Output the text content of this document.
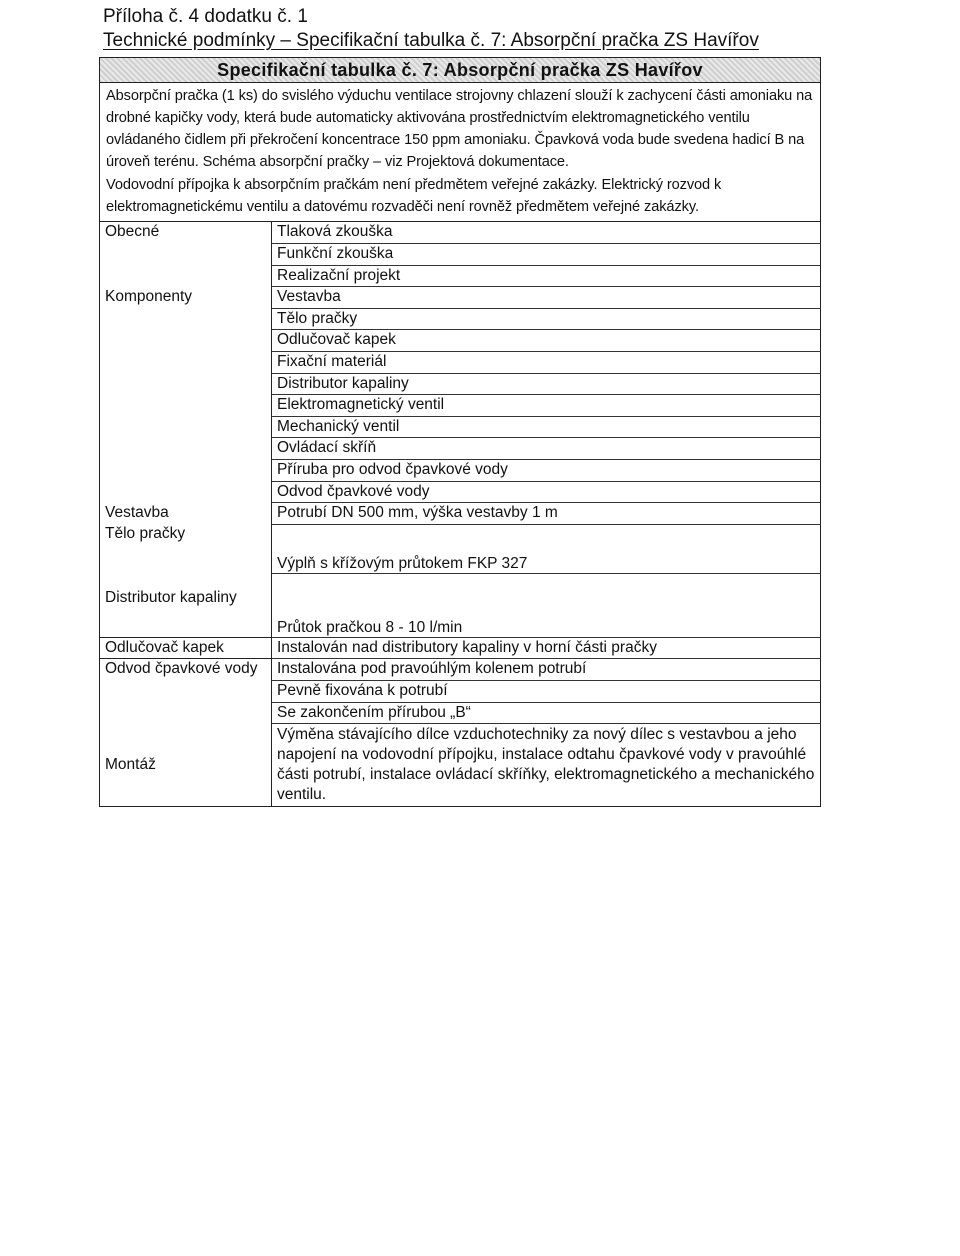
Příloha č. 4 dodatku č. 1
Technické podmínky – Specifikační tabulka č. 7: Absorpční pračka ZS Havířov
Specifikační tabulka č. 7: Absorpční pračka ZS Havířov

Absorpční pračka (1 ks) do svislého výduchu ventilace strojovny chlazení slouží k zachycení části amoniaku na drobné kapičky vody, která bude automaticky aktivována prostřednictvím elektromagnetického ventilu ovládaného čidlem při překročení koncentrace 150 ppm amoniaku. Čpavková voda bude svedena hadicí B na úroveň terénu. Schéma absorpční pračky – viz Projektová dokumentace.

Vodovodní přípojka k absorpčním pračkám není předmětem veřejné zakázky. Elektrický rozvod k elektromagnetickému ventilu a datovému rozvaděči není rovněž předmětem veřejné zakázky.

Obecné	Tlaková zkouška
	Funkční zkouška
	Realizační projekt
Komponenty	Vestavba
	Tělo pračky
	Odlučovač kapek
	Fixační materiál
	Distributor kapaliny
	Elektromagnetický ventil
	Mechanický ventil
	Ovládací skříň
	Příruba pro odvod čpavkové vody
	Odvod čpavkové vody
Vestavba	Potrubí DN 500 mm, výška vestavby 1 m
Tělo pračky	Výplň s křížovým průtokem FKP 327
Distributor kapaliny	Průtok pračkou 8 - 10 l/min
Odlučovač kapek	Instalován nad distributory kapaliny v horní části pračky
Odvod čpavkové vody	Instalována pod pravoúhlým kolenem potrubí
	Pevně fixována k potrubí
	Se zakončením přírubou „B“
Montáž	Výměna stávajícího dílce vzduchotechniky za nový dílec s vestavbou a jeho napojení na vodovodní přípojku, instalace odtahu čpavkové vody v pravoúhlé části potrubí, instalace ovládací skříňky, elektromagnetického a mechanického ventilu.
